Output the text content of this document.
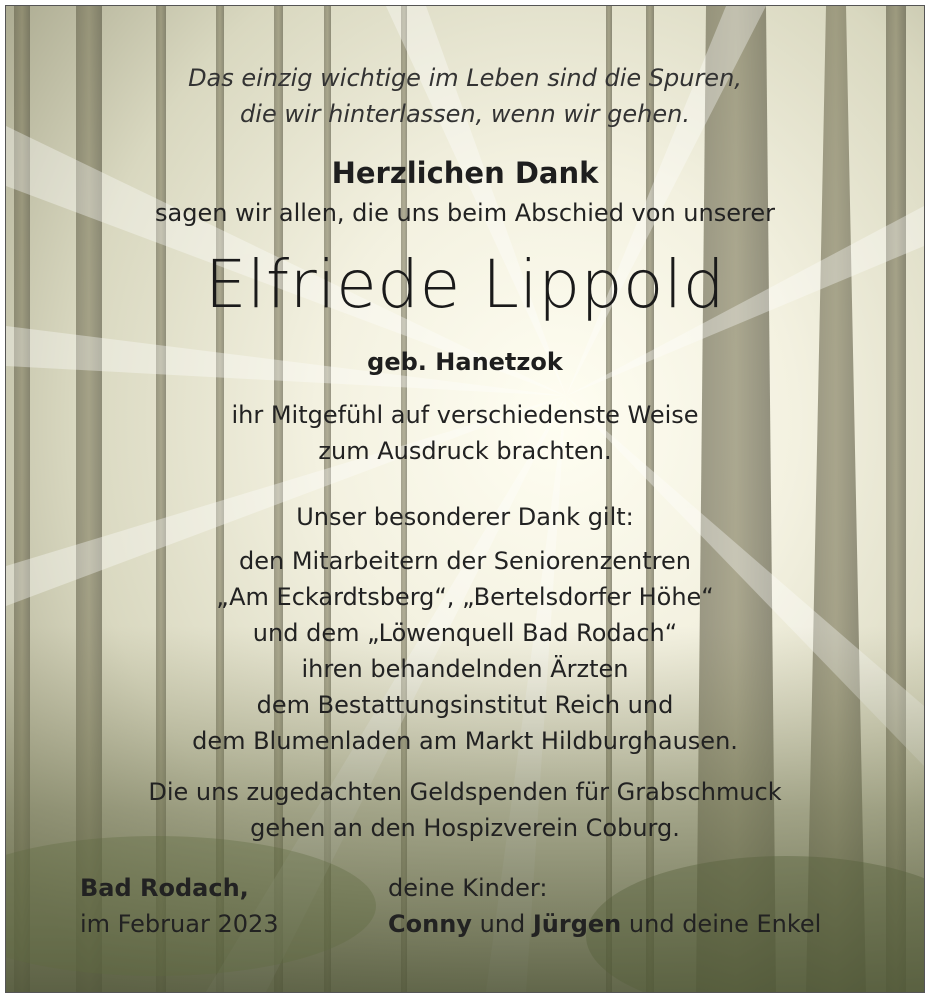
Das einzig wichtige im Leben sind die Spuren,
die wir hinterlassen, wenn wir gehen.
Herzlichen Dank
sagen wir allen, die uns beim Abschied von unserer
Elfriede Lippold
geb. Hanetzok
ihr Mitgefühl auf verschiedenste Weise
zum Ausdruck brachten.
Unser besonderer Dank gilt:
den Mitarbeitern der Seniorenzentren
„Am Eckardtsberg“, „Bertelsdorfer Höhe“
und dem „Löwenquell Bad Rodach“
ihren behandelnden Ärzten
dem Bestattungsinstitut Reich und
dem Blumenladen am Markt Hildburghausen.
Die uns zugedachten Geldspenden für Grabschmuck
gehen an den Hospizverein Coburg.
Bad Rodach,
im Februar 2023
deine Kinder:
Conny und Jürgen und deine Enkel
